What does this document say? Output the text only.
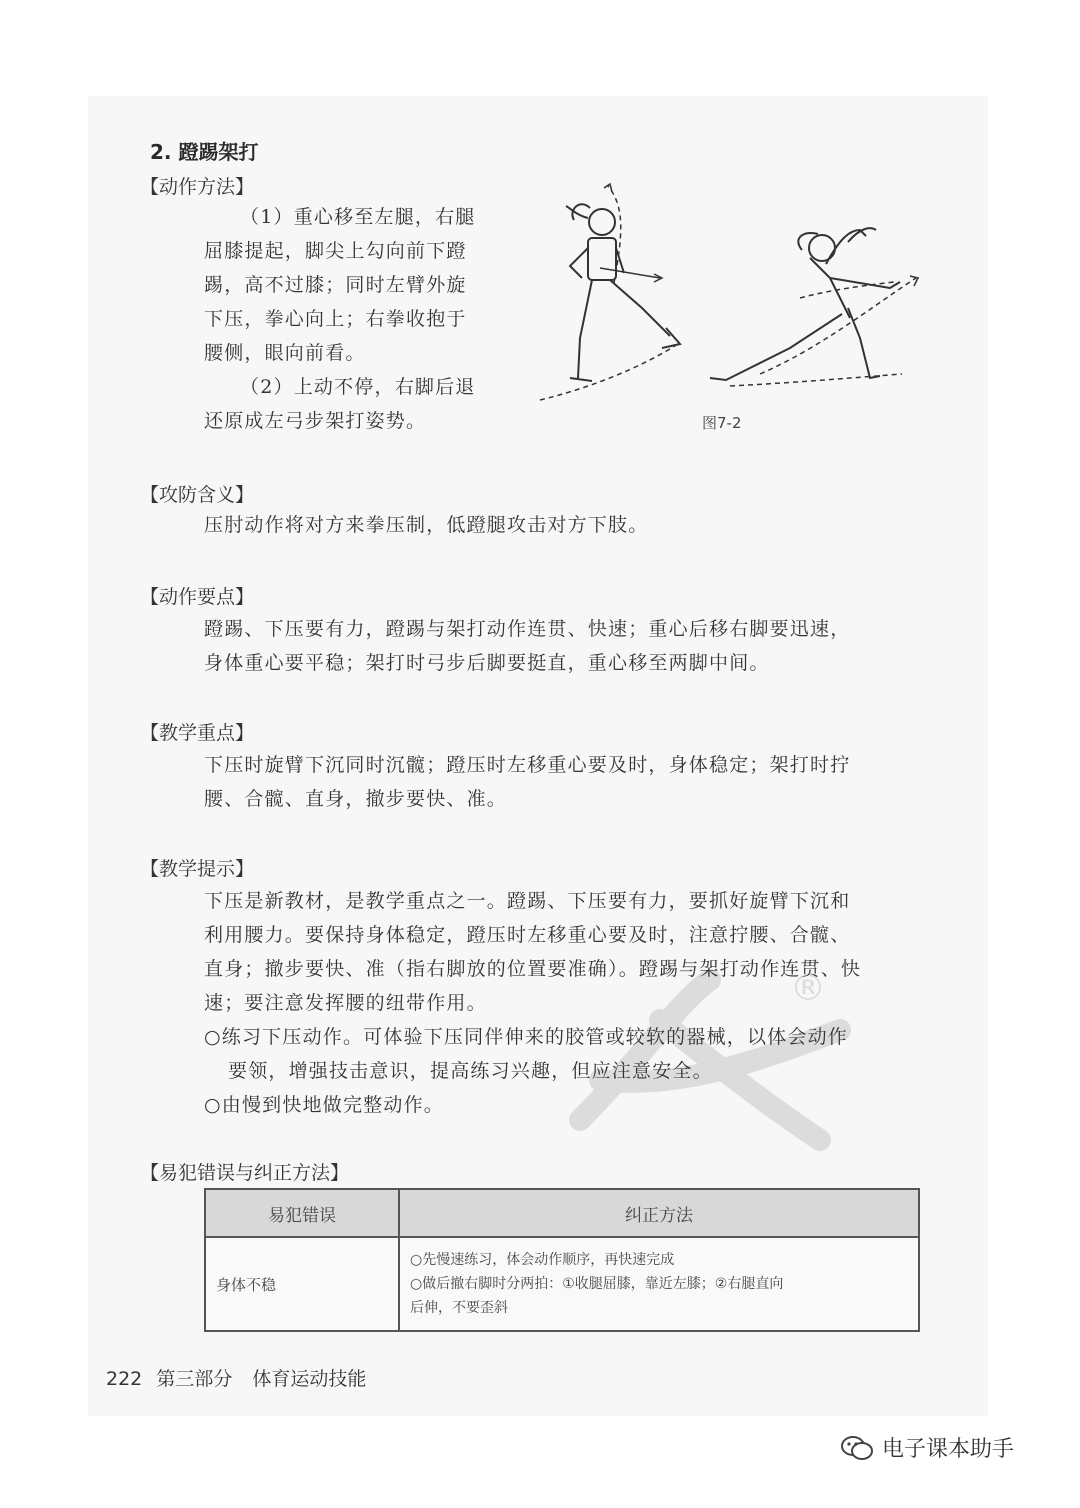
®
2. 蹬踢架打
【动作方法】
（1）重心移至左腿，右腿
屈膝提起，脚尖上勾向前下蹬
踢，高不过膝；同时左臂外旋
下压，拳心向上；右拳收抱于
腰侧，眼向前看。
（2）上动不停，右脚后退
还原成左弓步架打姿势。	图7-2
【攻防含义】
压肘动作将对方来拳压制，低蹬腿攻击对方下肢。
【动作要点】
蹬踢、下压要有力，蹬踢与架打动作连贯、快速；重心后移右脚要迅速，
身体重心要平稳；架打时弓步后脚要挺直，重心移至两脚中间。
【教学重点】
下压时旋臂下沉同时沉髋；蹬压时左移重心要及时，身体稳定；架打时拧
腰、合髋、直身，撤步要快、准。
【教学提示】
下压是新教材，是教学重点之一。蹬踢、下压要有力，要抓好旋臂下沉和
利用腰力。要保持身体稳定，蹬压时左移重心要及时，注意拧腰、合髋、
直身；撤步要快、准（指右脚放的位置要准确）。蹬踢与架打动作连贯、快
速；要注意发挥腰的纽带作用。
○练习下压动作。可体验下压同伴伸来的胶管或较软的器械，以体会动作
要领，增强技击意识，提高练习兴趣，但应注意安全。
○由慢到快地做完整动作。
【易犯错误与纠正方法】
易犯错误	纠正方法
身体不稳	○先慢速练习，体会动作顺序，再快速完成
○做后撤右脚时分两拍：①收腿屈膝，靠近左膝；②右腿直向
后伸，不要歪斜
222 第三部分 体育运动技能
电子课本助手
